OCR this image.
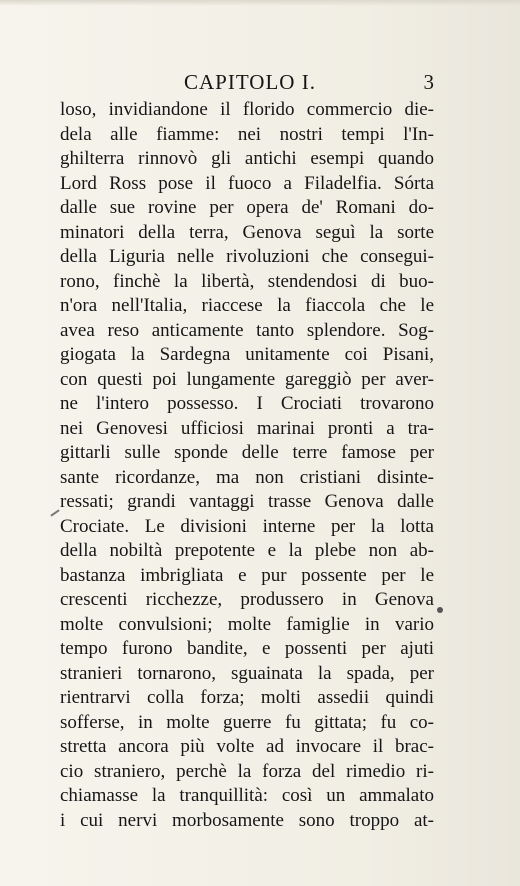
CAPITOLO I.	3
loso, invidiandone il florido commercio die-
dela alle fiamme: nei nostri tempi l'In-
ghilterra rinnovò gli antichi esempi quando
Lord Ross pose il fuoco a Filadelfia. Sórta
dalle sue rovine per opera de' Romani do-
minatori della terra, Genova seguì la sorte
della Liguria nelle rivoluzioni che consegui-
rono, finchè la libertà, stendendosi di buo-
n'ora nell'Italia, riaccese la fiaccola che le
avea reso anticamente tanto splendore. Sog-
giogata la Sardegna unitamente coi Pisani,
con questi poi lungamente gareggiò per aver-
ne l'intero possesso. I Crociati trovarono
nei Genovesi ufficiosi marinai pronti a tra-
gittarli sulle sponde delle terre famose per
sante ricordanze, ma non cristiani disinte-
ressati; grandi vantaggi trasse Genova dalle
Crociate. Le divisioni interne per la lotta
della nobiltà prepotente e la plebe non ab-
bastanza imbrigliata e pur possente per le
crescenti ricchezze, produssero in Genova
molte convulsioni; molte famiglie in vario
tempo furono bandite, e possenti per ajuti
stranieri tornarono, sguainata la spada, per
rientrarvi colla forza; molti assedii quindi
sofferse, in molte guerre fu gittata; fu co-
stretta ancora più volte ad invocare il brac-
cio straniero, perchè la forza del rimedio ri-
chiamasse la tranquillità: così un ammalato
i cui nervi morbosamente sono troppo at-
